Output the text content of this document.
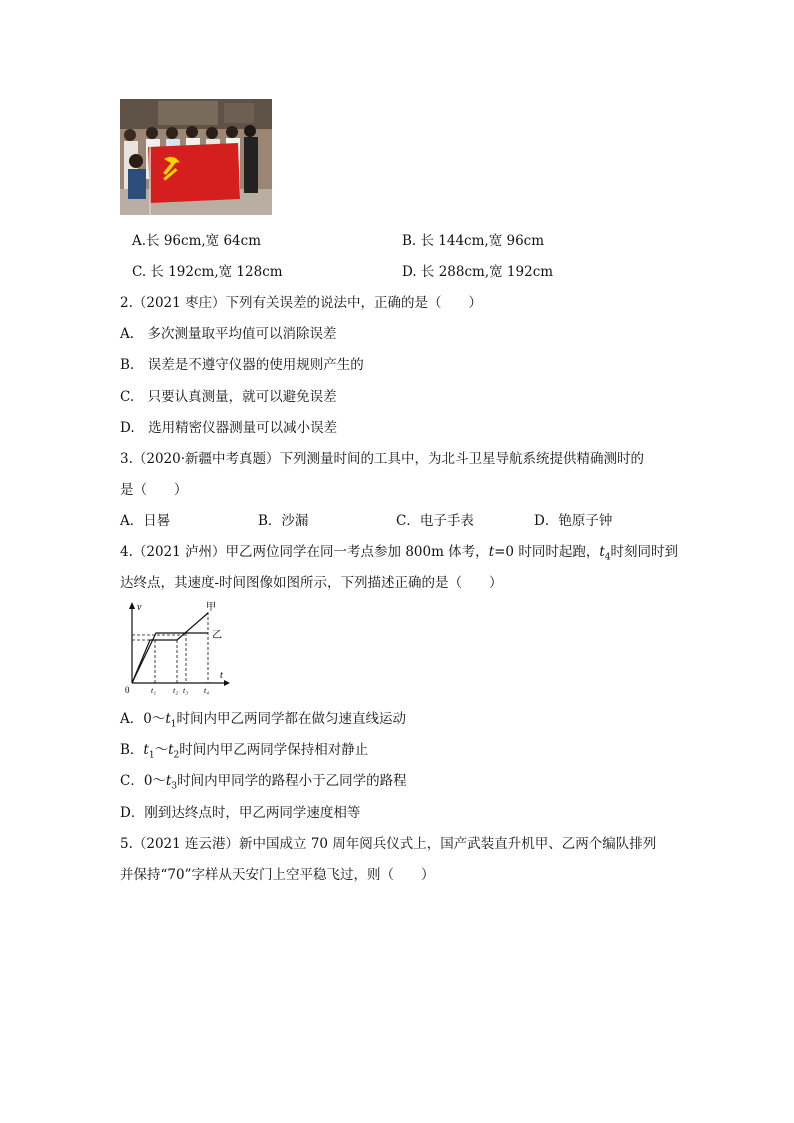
A.长 96cm,宽 64cm	B. 长 144cm,宽 96cm
C. 长 192cm,宽 128cm	D. 长 288cm,宽 192cm
2.（2021 枣庄）下列有关误差的说法中，正确的是（　　）
A.　多次测量取平均值可以消除误差
B.　误差是不遵守仪器的使用规则产生的
C.　只要认真测量，就可以避免误差
D.　选用精密仪器测量可以减小误差
3.（2020·新疆中考真题）下列测量时间的工具中，为北斗卫星导航系统提供精确测时的
是（　　）
A．日晷	B．沙漏	C．电子手表	D．铯原子钟
4.（2021 泸州）甲乙两位同学在同一考点参加 800m 体考，t=0 时同时起跑，$t_4$时刻同时到
达终点，其速度-时间图像如图所示，下列描述正确的是（　　）
v
t
0
甲
乙
t₁ t₂ t₃ t₄
A．$0\sim t_1$时间内甲乙两同学都在做匀速直线运动
B．$t_1\sim t_2$时间内甲乙两同学保持相对静止
C．$0\sim t_3$时间内甲同学的路程小于乙同学的路程
D．刚到达终点时，甲乙两同学速度相等
5.（2021 连云港）新中国成立 70 周年阅兵仪式上，国产武装直升机甲、乙两个编队排列
并保持“70”字样从天安门上空平稳飞过，则（　　）
